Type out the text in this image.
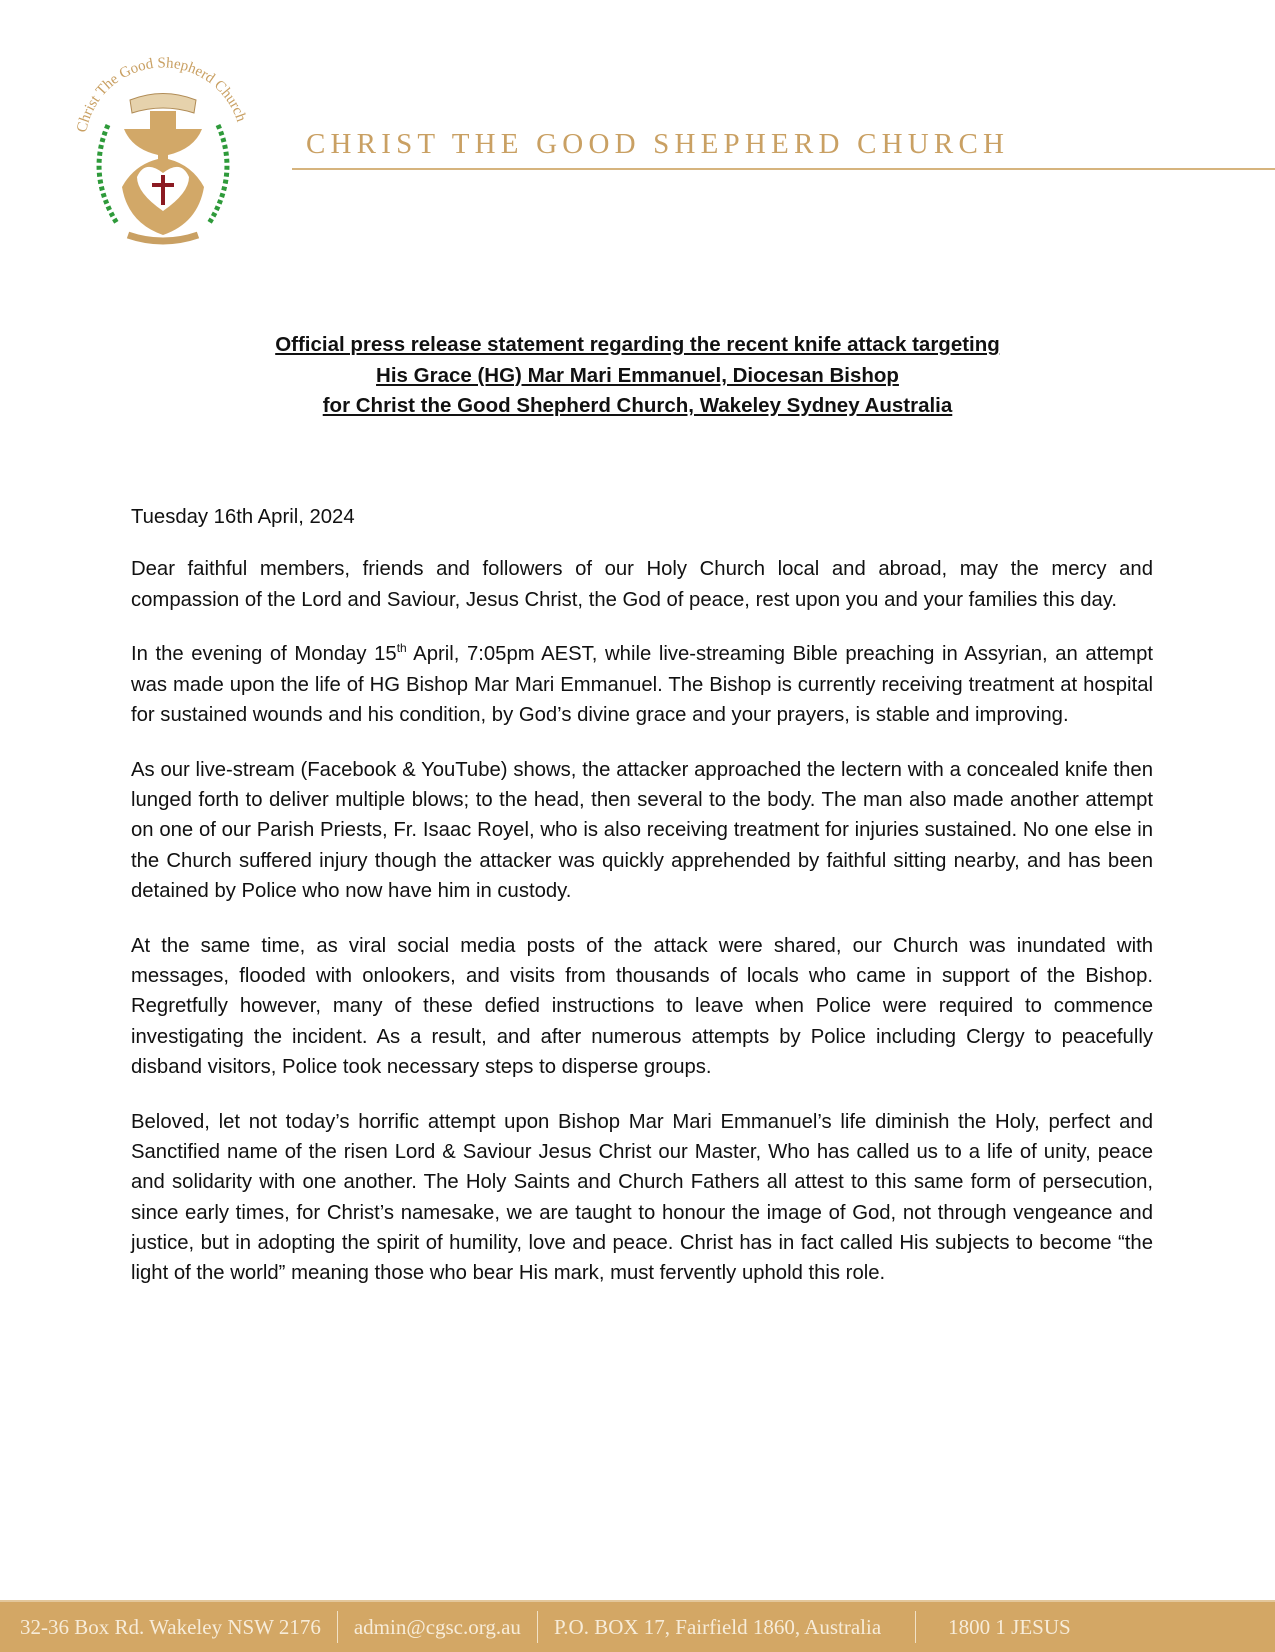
Christ The Good Shepherd Church
CHRIST THE GOOD SHEPHERD CHURCH
Official press release statement regarding the recent knife attack targeting
His Grace (HG) Mar Mari Emmanuel, Diocesan Bishop
for Christ the Good Shepherd Church, Wakeley Sydney Australia

Tuesday 16th April, 2024

Dear faithful members, friends and followers of our Holy Church local and abroad, may the mercy and compassion of the Lord and Saviour, Jesus Christ, the God of peace, rest upon you and your families this day.

In the evening of Monday 15th April, 7:05pm AEST, while live-streaming Bible preaching in Assyrian, an attempt was made upon the life of HG Bishop Mar Mari Emmanuel. The Bishop is currently receiving treatment at hospital for sustained wounds and his condition, by God’s divine grace and your prayers, is stable and improving.

As our live-stream (Facebook & YouTube) shows, the attacker approached the lectern with a concealed knife then lunged forth to deliver multiple blows; to the head, then several to the body. The man also made another attempt on one of our Parish Priests, Fr. Isaac Royel, who is also receiving treatment for injuries sustained. No one else in the Church suffered injury though the attacker was quickly apprehended by faithful sitting nearby, and has been detained by Police who now have him in custody.

At the same time, as viral social media posts of the attack were shared, our Church was inundated with messages, flooded with onlookers, and visits from thousands of locals who came in support of the Bishop. Regretfully however, many of these defied instructions to leave when Police were required to commence investigating the incident. As a result, and after numerous attempts by Police including Clergy to peacefully disband visitors, Police took necessary steps to disperse groups.

Beloved, let not today’s horrific attempt upon Bishop Mar Mari Emmanuel’s life diminish the Holy, perfect and Sanctified name of the risen Lord & Saviour Jesus Christ our Master, Who has called us to a life of unity, peace and solidarity with one another. The Holy Saints and Church Fathers all attest to this same form of persecution, since early times, for Christ’s namesake, we are taught to honour the image of God, not through vengeance and justice, but in adopting the spirit of humility, love and peace. Christ has in fact called His subjects to become “the light of the world” meaning those who bear His mark, must fervently uphold this role.

32-36 Box Rd. Wakeley NSW 2176 admin@cgsc.org.au P.O. BOX 17, Fairfield 1860, Australia	1800 1 JESUS
